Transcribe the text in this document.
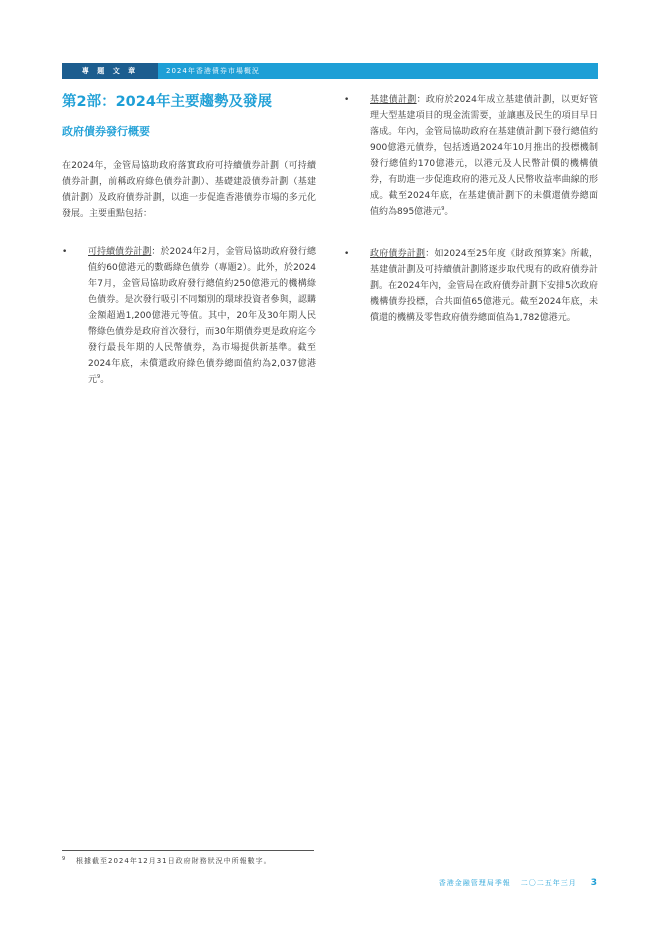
專 題 文 章	2024年香港債券市場概況
第2部：2024年主要趨勢及發展
政府債券發行概要

在2024年，金管局協助政府落實政府可持續債券計劃（可持續債券計劃，前稱政府綠色債券計劃）、基礎建設債券計劃（基建債計劃）及政府債券計劃，以進一步促進香港債券市場的多元化發展。主要重點包括：

•	可持續債券計劃：於2024年2月，金管局協助政府發行總值約60億港元的數碼綠色債券（專題2）。此外，於2024年7月，金管局協助政府發行總值約250億港元的機構綠色債券。是次發行吸引不同類別的環球投資者參與，認購金額超過1,200億港元等值。其中，20年及30年期人民幣綠色債券是政府首次發行，而30年期債券更是政府迄今發行最長年期的人民幣債券，為市場提供新基準。截至2024年底，未償還政府綠色債券總面值約為2,037億港元$^9$。
•	基建債計劃：政府於2024年成立基建債計劃，以更好管理大型基建項目的現金流需要，並讓惠及民生的項目早日落成。年內，金管局協助政府在基建債計劃下發行總值約900億港元債券，包括透過2024年10月推出的投標機制發行總值約170億港元，以港元及人民幣計價的機構債券，有助進一步促進政府的港元及人民幣收益率曲線的形成。截至2024年底，在基建債計劃下的未償還債券總面值約為895億港元$^9$。
•	政府債券計劃：如2024至25年度《財政預算案》所載，基建債計劃及可持續債計劃將逐步取代現有的政府債券計劃。在2024年內，金管局在政府債券計劃下安排5次政府機構債券投標，合共面值65億港元。截至2024年底，未償還的機構及零售政府債券總面值為1,782億港元。
9	根據截至2024年12月31日政府財務狀況中所報數字。
香港金融管理局季報 二〇二五年三月 3
